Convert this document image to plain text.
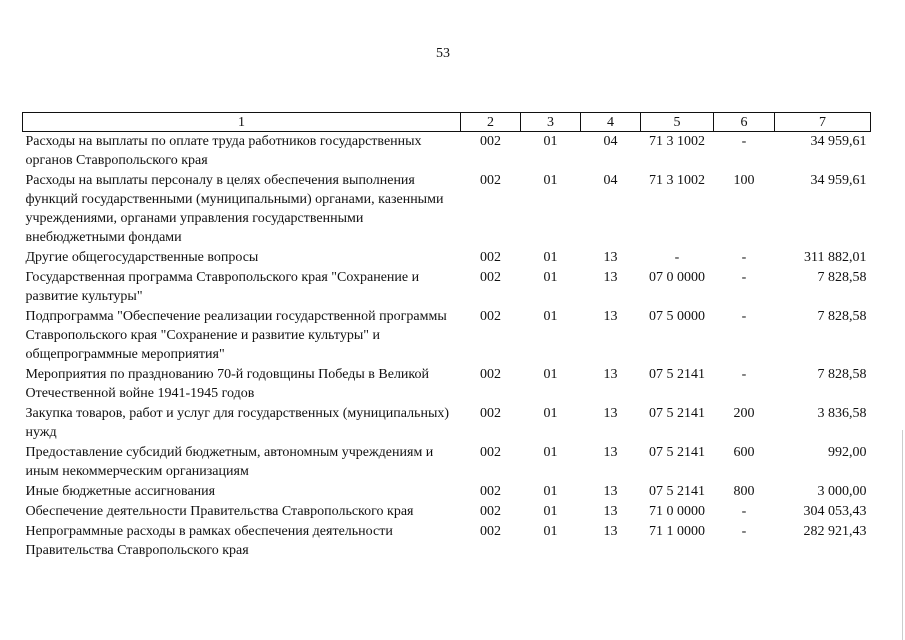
53
1	2	3	4	5	6	7
Расходы на выплаты по оплате труда работников государственных органов Ставропольского края	002	01	04	71 3 1002	-	34 959,61
Расходы на выплаты персоналу в целях обеспечения выполнения функций государственными (муниципальными) органами, казенными учреждениями, органами управления государственными внебюджетными фондами	002	01	04	71 3 1002	100	34 959,61
Другие общегосударственные вопросы	002	01	13	-	-	311 882,01
Государственная программа Ставропольского края "Сохранение и развитие культуры"	002	01	13	07 0 0000	-	7 828,58
Подпрограмма "Обеспечение реализации государственной программы Ставропольского края "Сохранение и развитие культуры" и общепрограммные мероприятия"	002	01	13	07 5 0000	-	7 828,58
Мероприятия по празднованию 70-й годовщины Победы в Великой Отечественной войне 1941-1945 годов	002	01	13	07 5 2141	-	7 828,58
Закупка товаров, работ и услуг для государственных (муниципальных) нужд	002	01	13	07 5 2141	200	3 836,58
Предоставление субсидий бюджетным, автономным учреждениям и иным некоммерческим организациям	002	01	13	07 5 2141	600	992,00
Иные бюджетные ассигнования	002	01	13	07 5 2141	800	3 000,00
Обеспечение деятельности Правительства Ставропольского края	002	01	13	71 0 0000	-	304 053,43
Непрограммные расходы в рамках обеспечения деятельности Правительства Ставропольского края	002	01	13	71 1 0000	-	282 921,43
